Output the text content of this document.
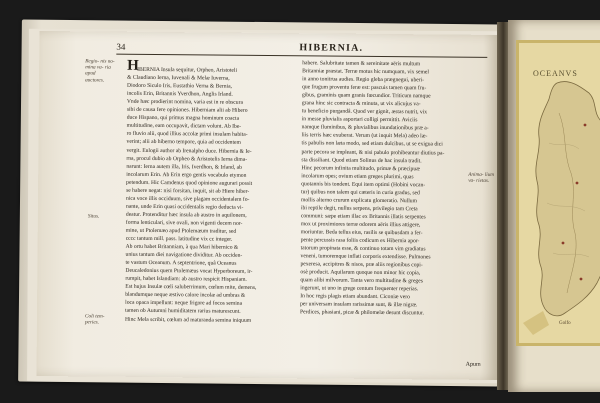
34	HIBERNIA.
Regio- nis no- mina va- ria apud auctores.
Situs.
Coli tem- peries.
Anima- lium va- rietas.
H

IBERNIA Insula sequitur, Orpheo, Aristoteli
& Claudiano Ierna, Iuvenali & Melæ Iuverna,
Diodoro Siculo Iris, Eustathio Verna & Bernia,
incolis Erin, Britannis Yverdhon, Anglis Irland.
Vnde hæc prodierint nomina, varia est in re obscura
sibi de causa fere opiniones. Hiberniam alii ab Hibero
duce Hispano, qui primus magna hominum coacta
multitudine, eam occupavit, dictam volunt. Ab Ibe-
ro fluvio alii, quod illius accolæ primi insulam habita-
verint; alii ab hiberno tempore, quia ad occidentem
vergit. Eulogii author ab Irenalpho duce. Hibernia & Ie-
rna, procul dubio ab Orpheo & Aristotelis Ierna dima-
narunt: Ierna autem illa, Iris, Iverdhon, & Irland, ab
incolarum Erin. Ab Erin ergo gentis vocabulo etymon
petendum. Hic Camdenus quod opinione augurari possit
se habere negat: nisi forsitan, inquit, sit ab Hiere hiber-
nica voce illis occiduum, sive plagam occidentalem fo-
nante, unde Erin quasi occidentalis regio deducta vi-
deatur. Protenditur hæc insula ab austro in aquilonem,
forma lenticulari, sive ovali, non vigenti decem nor-
mine, ut Ptolemæo apud Ptolemæum traditur, sed
cccc tantum mill. pass. latitudine vix cc integer.
Ab ortu habet Britanniam, à qua Mari hibernico &
unius tantum diei navigatione dividitur. Ab occiden-
te vastum Oceanum. A septentrione, quâ Oceanus
Deucaledonius quem Ptolemæus vocat Hyperboreum, ir-
rumpit, habet Islandiam: ab austro respicit Hispaniam.
Est hujus Insulæ cœli saluberrimum, cœlum mite, demens,
blandumque neque æstivo calore incolæ ad umbras &
loca opaca impellunt: neque frigore ad focos semina
tamen ob Autumni humiditatem rarius maturescunt.
Hinc Mela scribit, cœlum ad maturanda semina iniquum

habere. Salubritate tamen & sereinitate aëris multum
Britanniæ præstat. Terræ motus hic numquam, vix semel
in anno tonitrua audies. Regio gleba prægnegui, uberi-
que frugum proventu feræ est: pascuis tamen quam fru-
gibus, graminis quam granis fœcundior. Triticum namque
grana hinc sic contracta & minuta, ut vix alicujus va-
tu beneficio purgandâ. Quod ver gignit, æstas nutrit, vix
in messe pluvialis asportari colligi permittit. Aviciis
namque fluminibus, & pluvialibus inundationibus præ a-
liis terris hæc exuberat. Verum (ut inquit Mela) adeo læ-
tis pabulis non læta modo, sed etiam dulcibus, ut se exigua dici
parte pecora se impleant, & nisi pabulo prohibeantur diutius pa-
sta dissiliant. Quod etiam Solinus de hac insula tradit.
Hinc pecorum infinita multitudo, primæ & præcipuæ
incolarum opes; ovium etiam greges plurimi, quas
quotannis bis tondent. Equi item optimi (Hobini vocan-
tur) quibus non talem qui cæteris in curia gradus, sed
mollis alterno crurum explicatu glomeratio. Nullum
ibi reptile degit, nullus serpens, privilegio tam Creta
communi: sæpe etiam illac ex Britannis illatis serpentes
mox ut proximiores terræ odorem aëris illius attigere,
moriuntur. Beda tellus eius, rasilis se quibusdam a fer-
pente percussis rasa foliis codicum ex Hibernia apor-
tatorum propinata esse, & continuo totam vim gradiatus
veneni, tumoremque inflati corporis extendisse. Pulmones
pexeresa, accipitres & nisos, præ aliis regionibus copi-
osè producit. Aquilarum quoque non minor hic copia,
quam alibi milvorum. Tanta vero multitudine & greges
ingerunt, ut uno in grege centum frequenter reperias.
In hoc regis plagis etiam abundant. Ciconiæ vero
per universam insulam rarissimæ sunt, & illæ nigræ.
Perdices, phasiani, picæ & philomelæ desunt discuntur.
Apum
OCEANVS
Golfo
